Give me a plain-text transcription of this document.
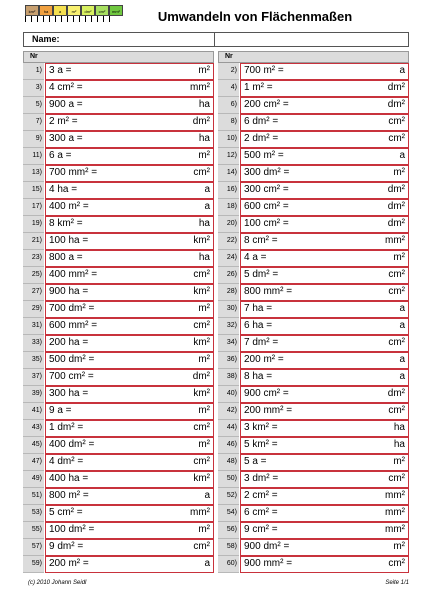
km²	ha	a	m²	dm²	cm²	mm²	Umwandeln von Flächenmaßen
Name:
Nr
1) 3 a =	m²
3) 4 cm² =	mm²
5) 900 a =	ha
7) 2 m² =	dm²
9) 300 a =	ha
11) 6 a =	m²
13) 700 mm² =	cm²
15) 4 ha =	a
17) 400 m² =	a
19) 8 km² =	ha
21) 100 ha =	km²
23) 800 a =	ha
25) 400 mm² =	cm²
27) 900 ha =	km²
29) 700 dm² =	m²
31) 600 mm² =	cm²
33) 200 ha =	km²
35) 500 dm² =	m²
37) 700 cm² =	dm²
39) 300 ha =	km²
41) 9 a =	m²
43) 1 dm² =	cm²
45) 400 dm² =	m²
47) 4 dm² =	cm²
49) 400 ha =	km²
51) 800 m² =	a
53) 5 cm² =	mm²
55) 100 dm² =	m²
57) 9 dm² =	cm²
59) 200 m² =	a
Nr
2) 700 m² =	a
4) 1 m² =	dm²
6) 200 cm² =	dm²
8) 6 dm² =	cm²
10) 2 dm² =	cm²
12) 500 m² =	a
14) 300 dm² =	m²
16) 300 cm² =	dm²
18) 600 cm² =	dm²
20) 100 cm² =	dm²
22) 8 cm² =	mm²
24) 4 a =	m²
26) 5 dm² =	cm²
28) 800 mm² =	cm²
30) 7 ha =	a
32) 6 ha =	a
34) 7 dm² =	cm²
36) 200 m² =	a
38) 8 ha =	a
40) 900 cm² =	dm²
42) 200 mm² =	cm²
44) 3 km² =	ha
46) 5 km² =	ha
48) 5 a =	m²
50) 3 dm² =	cm²
52) 2 cm² =	mm²
54) 6 cm² =	mm²
56) 9 cm² =	mm²
58) 900 dm² =	m²
60) 900 mm² =	cm²
(c) 2010 Johann Seidl	Seite 1/1
